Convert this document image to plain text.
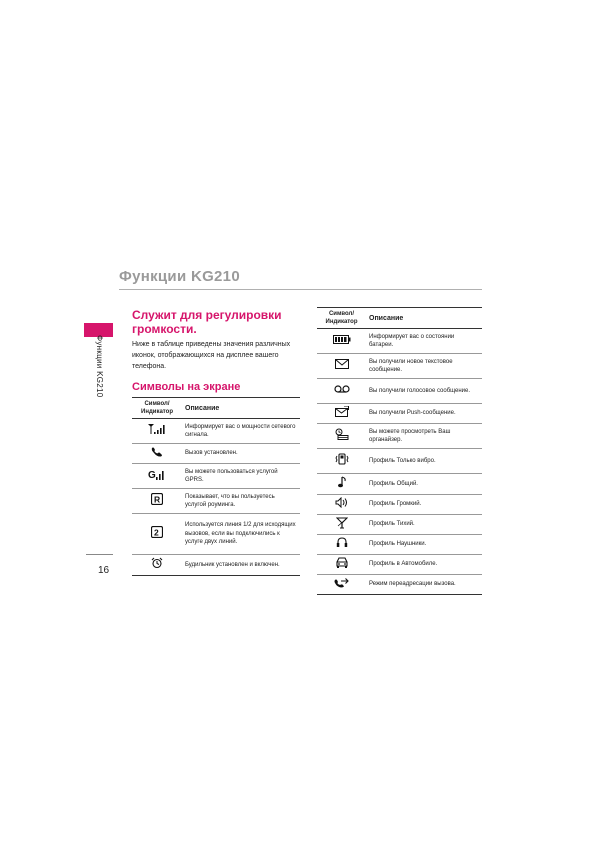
Функции KG210
Функции KG210
16
Служит для регулировки громкости.
Ниже в таблице приведены значения различных иконок, отображающихся на дисплее вашего телефона.
Символы на экране
Символ/ Индикатор	Описание
	Информирует вас о мощности сетевого сигнала.
	Вызов установлен.

G	Вы можете пользоваться услугой GPRS.

R	Показывает, что вы пользуетесь услугой роуминга.

2	Используется линия 1/2 для исходящих вызовов, если вы подключились к услуге двух линий.
	Будильник установлен и включен.
Символ/ Индикатор	Описание
	Информирует вас о состоянии батареи.
	Вы получили новое текстовое сообщение.
	Вы получили голосовое сообщение.
	Вы получили Push-сообщение.
	Вы можете просмотреть Ваш органайзер.
	Профиль Только вибро.
	Профиль Общий.
	Профиль Громкий.
	Профиль Тихий.
	Профиль Наушники.
	Профиль в Автомобиле.
	Режим переадресации вызова.
